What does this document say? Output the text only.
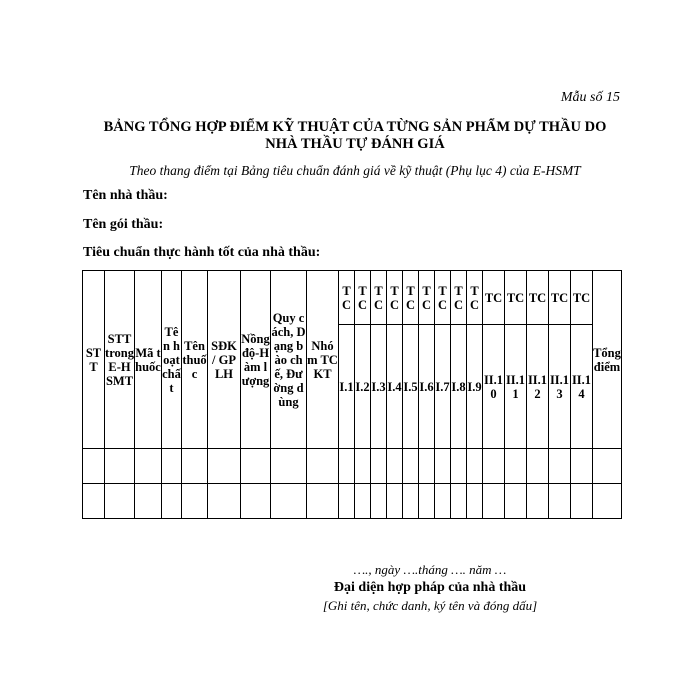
Mẫu số 15
BẢNG TỔNG HỢP ĐIỂM KỸ THUẬT CỦA TỪNG SẢN PHẨM DỰ THẦU DO
NHÀ THẦU TỰ ĐÁNH GIÁ
Theo thang điểm tại Bảng tiêu chuẩn đánh giá về kỹ thuật (Phụ lục 4) của E-HSMT
Tên nhà thầu:
Tên gói thầu:
Tiêu chuẩn thực hành tốt của nhà thầu:
STT	STT trong E-HSMT	Mã thuốc	Tên hoạt chất	Tên thuốc	SĐK / GPLH	Nồng độ-Hàm lượng	Quy cách, Dạng bào chế, Đường dùng	Nhóm TCKT	TC	TC	TC	TC	TC	TC	TC	TC	TC	TC	TC	TC	TC	TC	Tổng điểm
									I.1	I.2	I.3	I.4	I.5	I.6	I.7	I.8	I.9	II.10	II.11	II.12	II.13	II.14	

…., ngày ….tháng …. năm …
Đại diện hợp pháp của nhà thầu
[Ghi tên, chức danh, ký tên và đóng dấu]
